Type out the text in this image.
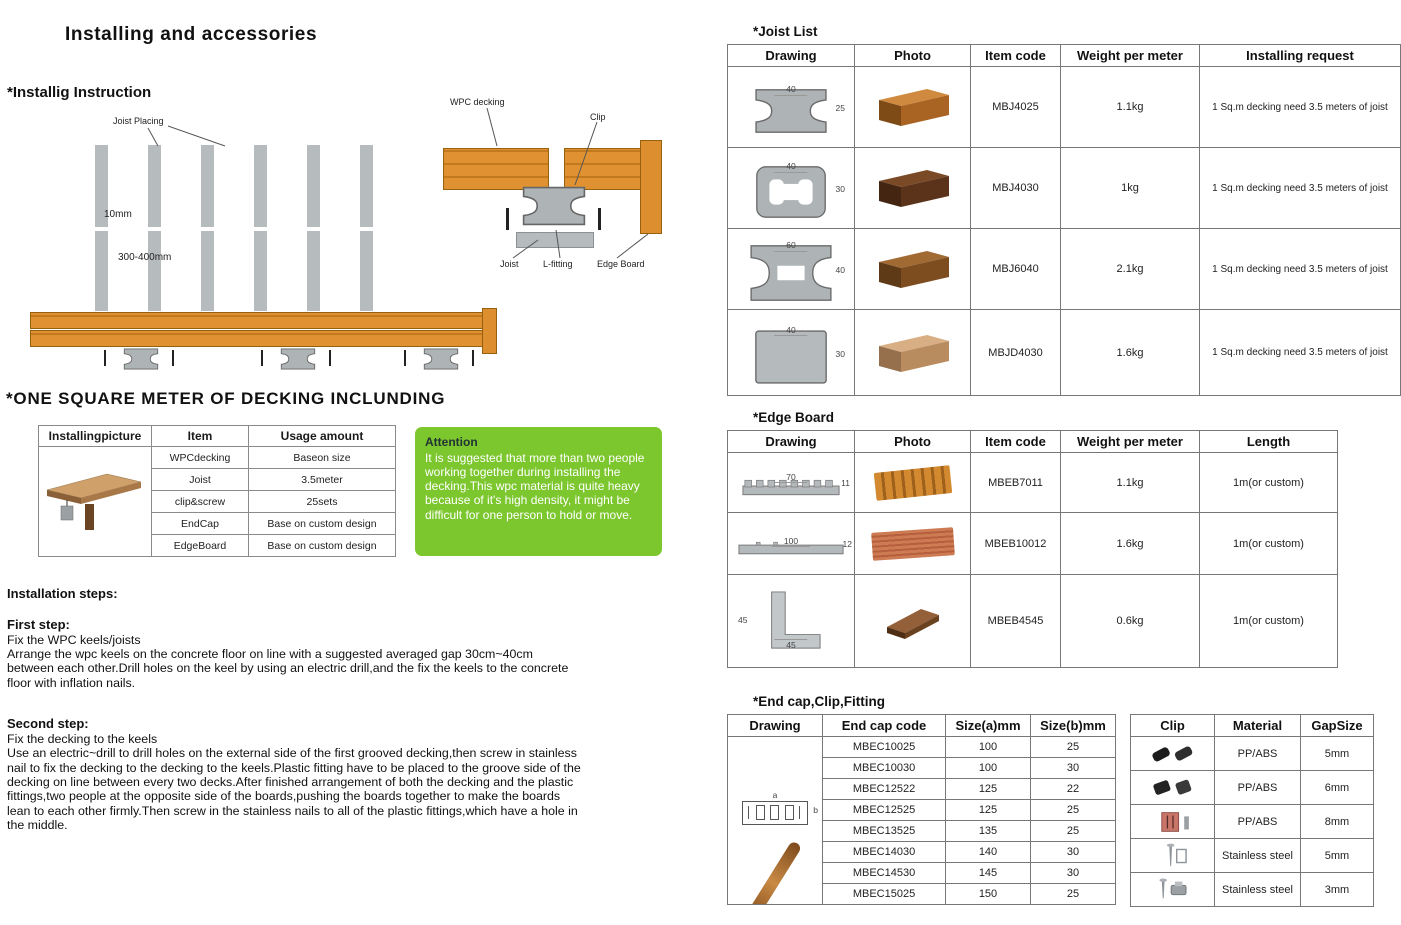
Installing and accessories
*Installig Instruction
Joist Placing
10mm
300-400mm
WPC decking
Clip
Joist	L-fitting	Edge Board
*ONE SQUARE METER OF DECKING INCLUNDING
Installingpicture	Item	Usage amount
	WPCdecking	Baseon size
	Joist	3.5meter
	clip&screw	25sets
	EndCap	Base on custom design
	EdgeBoard	Base on custom design
Attention
It is suggested that more than two people working together during installing the decking.This wpc material is quite heavy because of it's high density, it might be difficult for one person to hold or move.
Installation steps:
First step:

Fix the WPC keels/joists

Arrange the wpc keels on the concrete floor on line with a suggested averaged gap 30cm~40cm between each other.Drill holes on the keel by using an electric drill,and the fix the keels to the concrete floor with inflation nails.

Second step:

Fix the decking to the keels

Use an electric~drill to drill holes on the external side of the first grooved decking,then screw in stainless nail to fix the decking to the decking to the keels.Plastic fitting have to be placed to the groove side of the decking on line between every two decks.After finished arrangement of both the decking and the plastic fittings,two people at the opposite side of the boards,pushing the boards together to make the boards lean to each other firmly.Then screw in the stainless nails to all of the plastic fittings,which have a hole in the middle.

*Joist List
Drawing	Photo	Item code	Weight per meter	Installing request

40
25		MBJ4025	1.1kg	1 Sq.m decking need 3.5 meters of joist

40
30		MBJ4030	1kg	1 Sq.m decking need 3.5 meters of joist

60
40		MBJ6040	2.1kg	1 Sq.m decking need 3.5 meters of joist

40
30		MBJD4030	1.6kg	1 Sq.m decking need 3.5 meters of joist
*Edge Board
Drawing	Photo	Item code	Weight per meter	Length

70
11		MBEB7011	1.1kg	1m(or custom)

100 12		MBEB10012	1.6kg	1m(or custom)

45
45		MBEB4545	0.6kg	1m(or custom)
*End cap,Clip,Fitting
Drawing	End cap code	Size(a)mm	Size(b)mm

a
b	MBEC10025	100	25
	MBEC10030	100	30
	MBEC12522	125	22
	MBEC12525	125	25
	MBEC13525	135	25
	MBEC14030	140	30
	MBEC14530	145	30
	MBEC15025	150	25
Clip	Material	GapSize

	PP/ABS	5mm

	PP/ABS	6mm

	PP/ABS	8mm

	Stainless steel	5mm

	Stainless steel	3mm
